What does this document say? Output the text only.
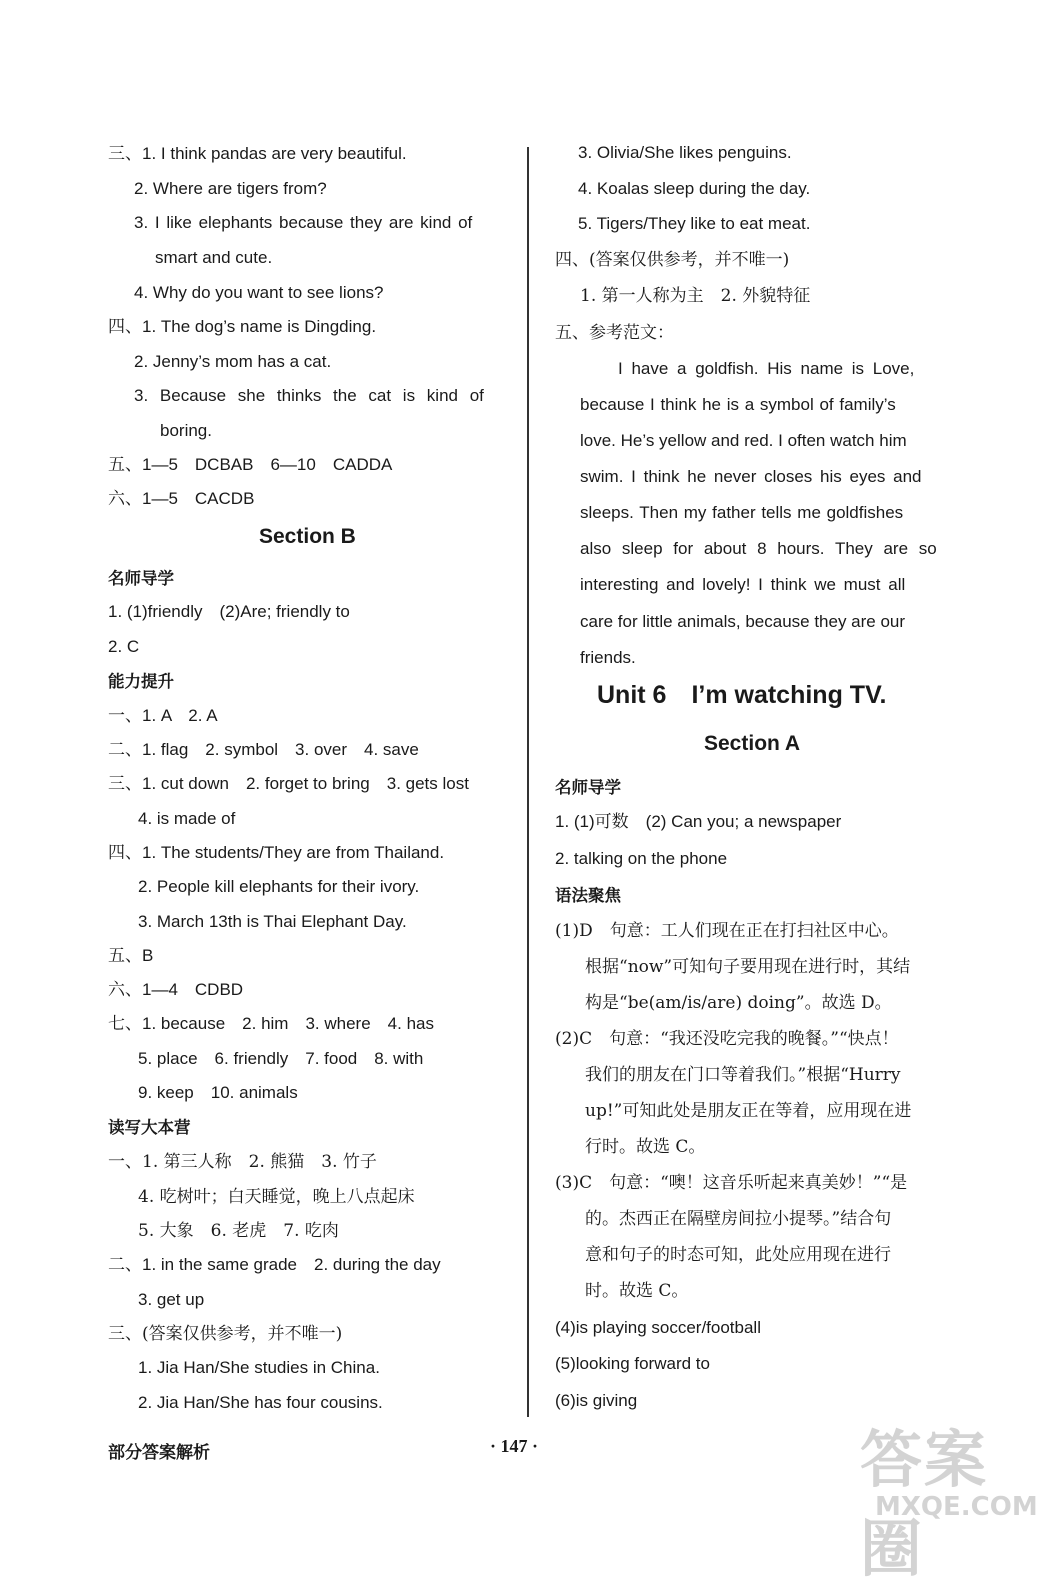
三、1. I think pandas are very beautiful.
2. Where are tigers from?
3. I like elephants because they are kind of
smart and cute.
4. Why do you want to see lions?
四、1. The dog’s name is Dingding.
2. Jenny’s mom has a cat.
3. Because she thinks the cat is kind of
boring.
五、1—5　DCBAB　6—10　CADDA
六、1—5　CACDB
Section B
名师导学
1. (1)friendly　(2)Are; friendly to
2. C
能力提升
一、1. A　2. A
二、1. flag　2. symbol　3. over　4. save
三、1. cut down　2. forget to bring　3. gets lost
4. is made of
四、1. The students/They are from Thailand.
2. People kill elephants for their ivory.
3. March 13th is Thai Elephant Day.
五、B
六、1—4　CDBD
七、1. because　2. him　3. where　4. has
5. place　6. friendly　7. food　8. with
9. keep　10. animals
读写大本营
一、1. 第三人称　2. 熊猫　3. 竹子
4. 吃树叶；白天睡觉，晚上八点起床
5. 大象　6. 老虎　7. 吃肉
二、1. in the same grade　2. during the day
3. get up
三、(答案仅供参考，并不唯一)
1. Jia Han/She studies in China.
2. Jia Han/She has four cousins.
3. Olivia/She likes penguins.
4. Koalas sleep during the day.
5. Tigers/They like to eat meat.
四、(答案仅供参考，并不唯一)
1. 第一人称为主　2. 外貌特征
五、参考范文：
I have a goldfish. His name is Love,
because I think he is a symbol of family’s
love. He’s yellow and red. I often watch him
swim. I think he never closes his eyes and
sleeps. Then my father tells me goldfishes
also sleep for about 8 hours. They are so
interesting and lovely! I think we must all
care for little animals, because they are our
friends.
Unit 6　I’m watching TV.
Section A
名师导学
1. (1)可数　(2) Can you; a newspaper
2. talking on the phone
语法聚焦
(1)D　句意：工人们现在正在打扫社区中心。
根据“now”可知句子要用现在进行时，其结
构是“be(am/is/are) doing”。故选 D。
(2)C　句意：“我还没吃完我的晚餐。”“快点！
我们的朋友在门口等着我们。”根据“Hurry
up!”可知此处是朋友正在等着，应用现在进
行时。故选 C。
(3)C　句意：“噢！这音乐听起来真美妙！”“是
的。杰西正在隔壁房间拉小提琴。”结合句
意和句子的时态可知，此处应用现在进行
时。故选 C。
(4)is playing soccer/football
(5)looking forward to
(6)is giving
部分答案解析	· 147 ·	答案圈
MXQE.COM
